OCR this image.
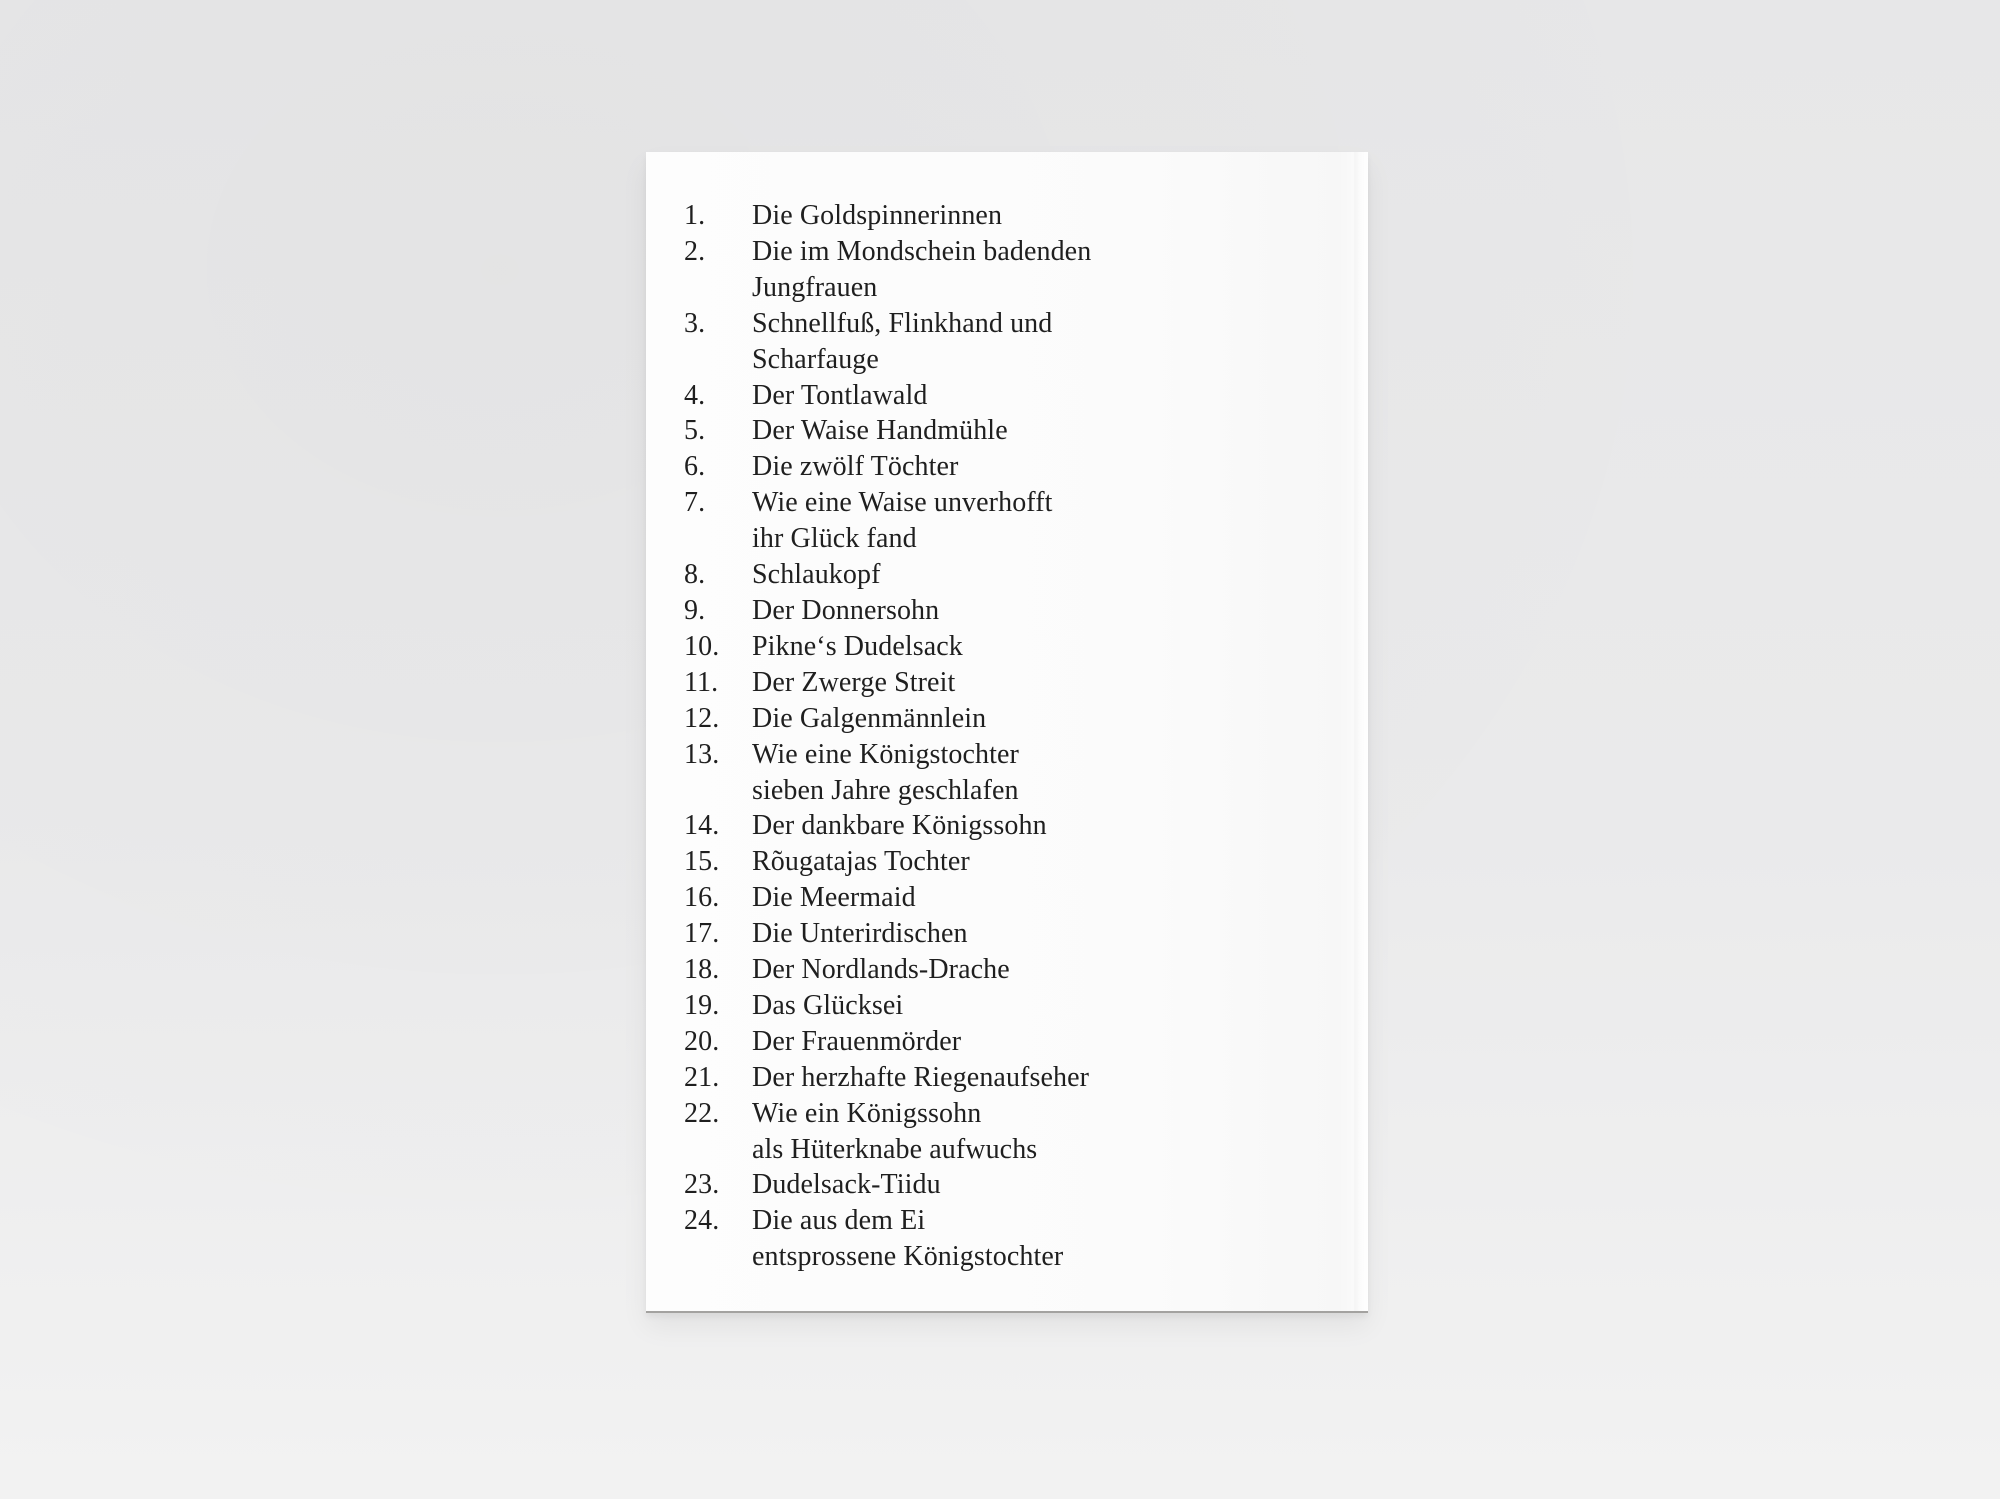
1.	Die Goldspinnerinnen
2.	Die im Mondschein badenden
Jungfrauen
3.	Schnellfuß, Flinkhand und
Scharfauge
4.	Der Tontlawald
5.	Der Waise Handmühle
6.	Die zwölf Töchter
7.	Wie eine Waise unverhofft
ihr Glück fand
8.	Schlaukopf
9.	Der Donnersohn
10.	Pikne‘s Dudelsack
11.	Der Zwerge Streit
12.	Die Galgenmännlein
13.	Wie eine Königstochter
sieben Jahre geschlafen
14.	Der dankbare Königssohn
15.	Rõugatajas Tochter
16.	Die Meermaid
17.	Die Unterirdischen
18.	Der Nordlands-Drache
19.	Das Glücksei
20.	Der Frauenmörder
21.	Der herzhafte Riegenaufseher
22.	Wie ein Königssohn
als Hüterknabe aufwuchs
23.	Dudelsack-Tiidu
24.	Die aus dem Ei
entsprossene Königstochter
